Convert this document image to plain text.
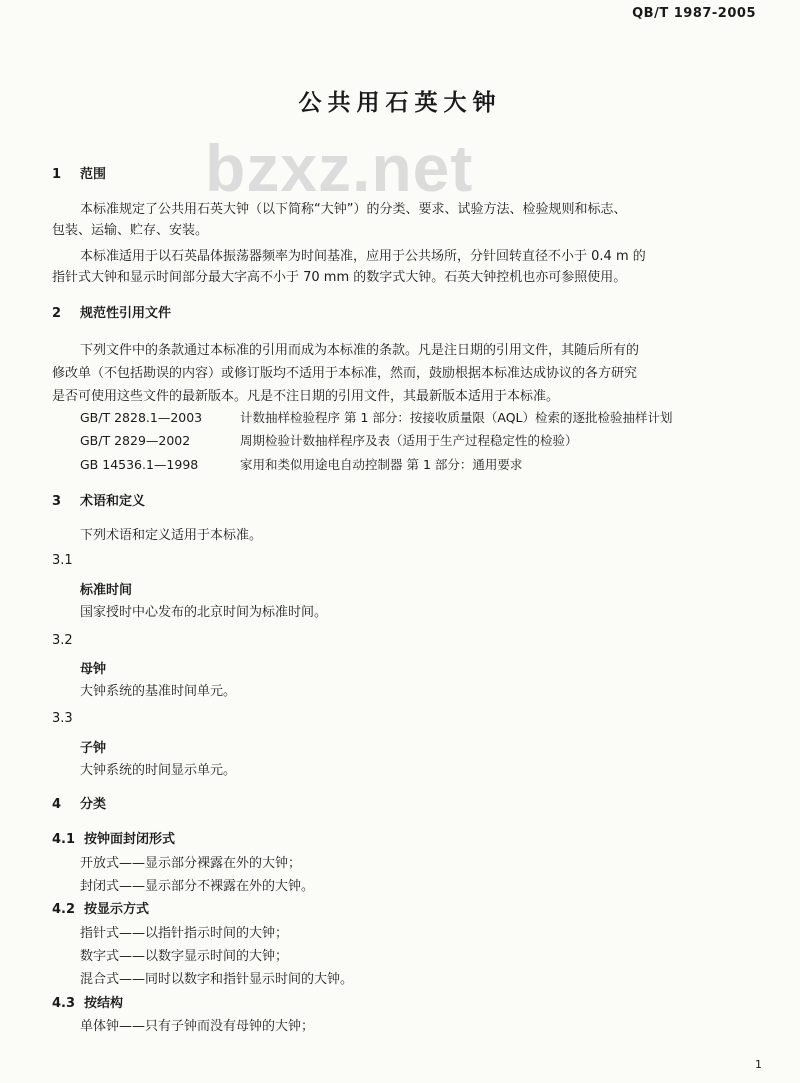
QB/T 1987-2005
bzxz.net
公共用石英大钟
1 范围
本标准规定了公共用石英大钟（以下简称“大钟”）的分类、要求、试验方法、检验规则和标志、
包装、运输、贮存、安装。
本标准适用于以石英晶体振荡器频率为时间基准，应用于公共场所，分针回转直径不小于 0.4 m 的
指针式大钟和显示时间部分最大字高不小于 70 mm 的数字式大钟。石英大钟控机也亦可参照使用。
2 规范性引用文件
下列文件中的条款通过本标准的引用而成为本标准的条款。凡是注日期的引用文件，其随后所有的
修改单（不包括勘误的内容）或修订版均不适用于本标准，然而，鼓励根据本标准达成协议的各方研究
是否可使用这些文件的最新版本。凡是不注日期的引用文件，其最新版本适用于本标准。
GB/T 2828.1—2003	计数抽样检验程序 第 1 部分：按接收质量限（AQL）检索的逐批检验抽样计划
GB/T 2829—2002	周期检验计数抽样程序及表（适用于生产过程稳定性的检验）
GB 14536.1—1998	家用和类似用途电自动控制器 第 1 部分：通用要求
3 术语和定义
下列术语和定义适用于本标准。
3.1
标准时间
国家授时中心发布的北京时间为标准时间。
3.2
母钟
大钟系统的基准时间单元。
3.3
子钟
大钟系统的时间显示单元。
4 分类
4.1 按钟面封闭形式
开放式——显示部分裸露在外的大钟；
封闭式——显示部分不裸露在外的大钟。
4.2 按显示方式
指针式——以指针指示时间的大钟；
数字式——以数字显示时间的大钟；
混合式——同时以数字和指针显示时间的大钟。
4.3 按结构
单体钟——只有子钟而没有母钟的大钟；
1
